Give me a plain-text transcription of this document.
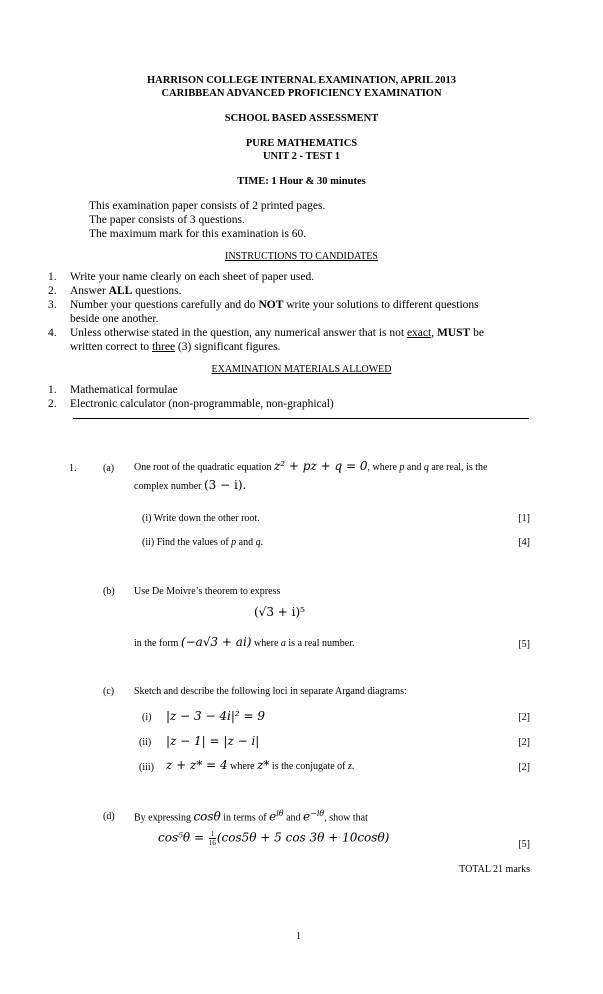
HARRISON COLLEGE INTERNAL EXAMINATION, APRIL 2013
CARIBBEAN ADVANCED PROFICIENCY EXAMINATION
SCHOOL BASED ASSESSMENT
PURE MATHEMATICS
UNIT 2 - TEST 1
TIME: 1 Hour & 30 minutes
This examination paper consists of 2 printed pages.
The paper consists of 3 questions.
The maximum mark for this examination is 60.
INSTRUCTIONS TO CANDIDATES
1. Write your name clearly on each sheet of paper used.
2. Answer ALL questions.
3. Number your questions carefully and do NOT write your solutions to different questions
beside one another.
4. Unless otherwise stated in the question, any numerical answer that is not exact, MUST be
written correct to three (3) significant figures.
EXAMINATION MATERIALS ALLOWED
1. Mathematical formulae
2. Electronic calculator (non-programmable, non-graphical)
1.	(a) One root of the quadratic equation z² + pz + q = 0, where p and q are real, is the
complex number (3 − i).
(i) Write down the other root.	[1]
(ii) Find the values of p and q.	[4]
(b) Use De Moivre’s theorem to express
(√3 + i)⁵
in the form (−a√3 + ai) where a is a real number.	[5]
(c) Sketch and describe the following loci in separate Argand diagrams:
(i) |z − 3 − 4i|² = 9	[2]
(ii) |z − 1| = |z − i|	[2]
(iii) z + z* = 4 where z* is the conjugate of z.	[2]
(d) By expressing cosθ in terms of $e^{i\theta}$ and $e^{-i\theta}$, show that
$\cos^5\theta = \frac{1}{16} (\cos 5\theta + 5$ cos 3θ + 10cosθ)
[5]
TOTAL 21 marks
1
